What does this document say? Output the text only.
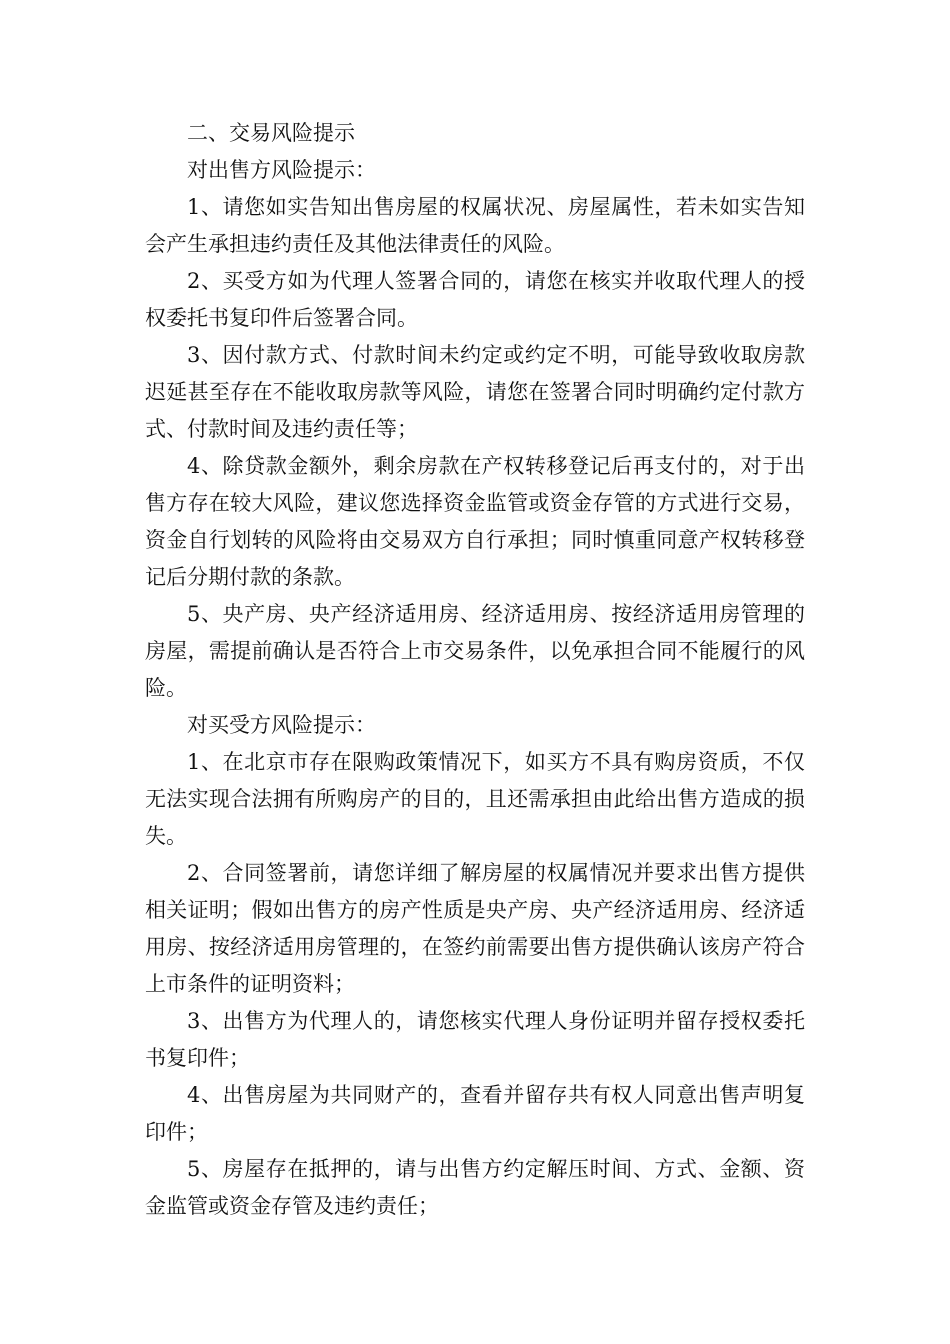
二、交易风险提示

对出售方风险提示：

1、请您如实告知出售房屋的权属状况、房屋属性，若未如实告知会产生承担违约责任及其他法律责任的风险。

2、买受方如为代理人签署合同的，请您在核实并收取代理人的授权委托书复印件后签署合同。

3、因付款方式、付款时间未约定或约定不明，可能导致收取房款迟延甚至存在不能收取房款等风险，请您在签署合同时明确约定付款方式、付款时间及违约责任等；

4、除贷款金额外，剩余房款在产权转移登记后再支付的，对于出售方存在较大风险，建议您选择资金监管或资金存管的方式进行交易，资金自行划转的风险将由交易双方自行承担；同时慎重同意产权转移登记后分期付款的条款。

5、央产房、央产经济适用房、经济适用房、按经济适用房管理的房屋，需提前确认是否符合上市交易条件，以免承担合同不能履行的风险。

对买受方风险提示：

1、在北京市存在限购政策情况下，如买方不具有购房资质，不仅无法实现合法拥有所购房产的目的，且还需承担由此给出售方造成的损失。

2、合同签署前，请您详细了解房屋的权属情况并要求出售方提供相关证明；假如出售方的房产性质是央产房、央产经济适用房、经济适用房、按经济适用房管理的，在签约前需要出售方提供确认该房产符合上市条件的证明资料；

3、出售方为代理人的，请您核实代理人身份证明并留存授权委托书复印件；

4、出售房屋为共同财产的，查看并留存共有权人同意出售声明复印件；

5、房屋存在抵押的，请与出售方约定解压时间、方式、金额、资金监管或资金存管及违约责任；
